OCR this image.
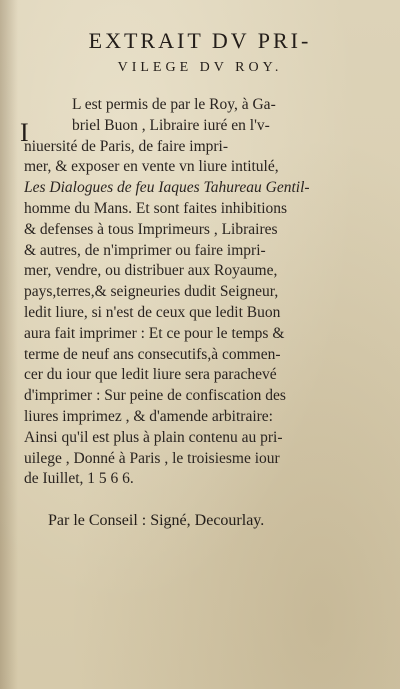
EXTRAIT DV PRI-
VILEGE DV ROY.
I
L est permis de par le Roy, à Ga-
briel Buon , Libraire iuré en l'v-
niuersité de Paris, de faire impri-
mer, & exposer en vente vn liure intitulé,
Les Dialogues de feu Iaques Tahureau Gentil-
homme du Mans. Et sont faites inhibitions
& defenses à tous Imprimeurs , Libraires
& autres, de n'imprimer ou faire impri-
mer, vendre, ou distribuer aux Royaume,
pays,terres,& seigneuries dudit Seigneur,
ledit liure, si n'est de ceux que ledit Buon
aura fait imprimer : Et ce pour le temps &
terme de neuf ans consecutifs,à commen-
cer du iour que ledit liure sera parachevé
d'imprimer : Sur peine de confiscation des
liures imprimez , & d'amende arbitraire:
Ainsi qu'il est plus à plain contenu au pri-
uilege , Donné à Paris , le troisiesme iour
de Iuillet, 1 5 6 6.
Par le Conseil : Signé, Decourlay.
